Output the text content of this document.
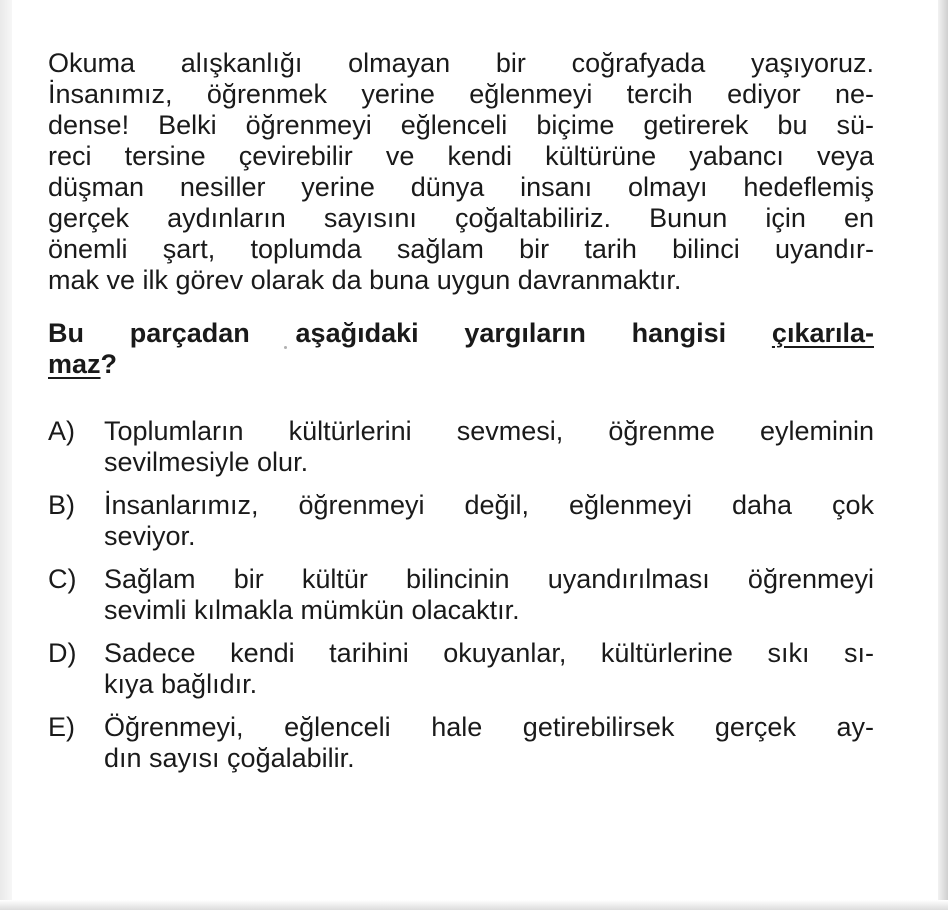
Okuma alışkanlığı olmayan bir coğrafyada yaşıyoruz.
İnsanımız, öğrenmek yerine eğlenmeyi tercih ediyor ne-
dense! Belki öğrenmeyi eğlenceli biçime getirerek bu sü-
reci tersine çevirebilir ve kendi kültürüne yabancı veya
düşman nesiller yerine dünya insanı olmayı hedeflemiş
gerçek aydınların sayısını çoğaltabiliriz. Bunun için en
önemli şart, toplumda sağlam bir tarih bilinci uyandır-
mak ve ilk görev olarak da buna uygun davranmaktır.
Bu parçadan aşağıdaki yargıların hangisi çıkarıla-
maz?
A)	Toplumların kültürlerini sevmesi, öğrenme eyleminin
sevilmesiyle olur.
B)	İnsanlarımız, öğrenmeyi değil, eğlenmeyi daha çok
seviyor.
C)	Sağlam bir kültür bilincinin uyandırılması öğrenmeyi
sevimli kılmakla mümkün olacaktır.
D)	Sadece kendi tarihini okuyanlar, kültürlerine sıkı sı-
kıya bağlıdır.
E)	Öğrenmeyi, eğlenceli hale getirebilirsek gerçek ay-
dın sayısı çoğalabilir.
